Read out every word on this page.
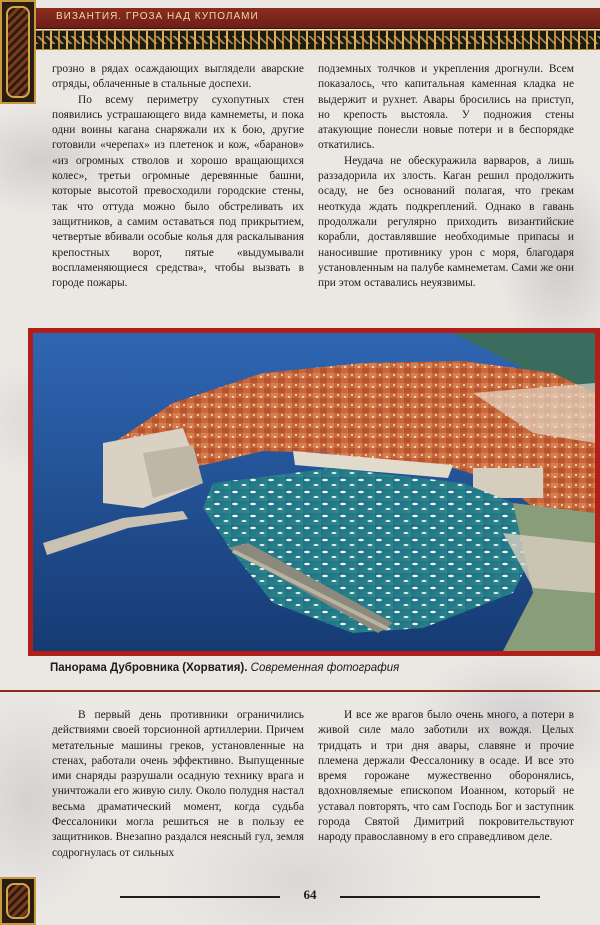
ВИЗАНТИЯ. ГРОЗА НАД КУПОЛАМИ

грозно в рядах осаждающих выглядели аварские отряды, облаченные в стальные доспехи.

По всему периметру сухопутных стен появились устрашающего вида камнеметы, и пока одни воины кагана снаряжали их к бою, другие готовили «черепах» из плетенок и кож, «баранов» «из огромных стволов и хорошо вращающихся колес», третьи огромные деревянные башни, которые высотой превосходили городские стены, так что оттуда можно было обстреливать их защитников, а самим оставаться под прикрытием, четвертые вбивали особые колья для раскалывания крепостных ворот, пятые «выдумывали воспламеняющиеся средства», чтобы вызвать в городе пожары.

подземных толчков и укрепления дрогнули. Всем показалось, что капитальная каменная кладка не выдержит и рухнет. Авары бросились на приступ, но крепость выстояла. У подножия стены атакующие понесли новые потери и в беспорядке откатились.

Неудача не обескуражила варваров, а лишь раззадорила их злость. Каган решил продолжить осаду, не без оснований полагая, что грекам неоткуда ждать подкреплений. Однако в гавань продолжали регулярно приходить византийские корабли, доставлявшие необходимые припасы и наносившие противнику урон с моря, благодаря установленным на палубе камнеметам. Сами же они при этом оставались неуязвимы.

Панорама Дубровника (Хорватия). Современная фотография

В первый день противники ограничились действиями своей торсионной артиллерии. Причем метательные машины греков, установленные на стенах, работали очень эффективно. Выпущенные ими снаряды разрушали осадную технику врага и уничтожали его живую силу. Около полудня настал весьма драматический момент, когда судьба Фессалоники могла решиться не в пользу ее защитников. Внезапно раздался неясный гул, земля содрогнулась от сильных

И все же врагов было очень много, а потери в живой силе мало заботили их вождя. Целых тридцать и три дня авары, славяне и прочие племена держали Фессалонику в осаде. И все это время горожане мужественно оборонялись, вдохновляемые епископом Иоанном, который не уставал повторять, что сам Господь Бог и заступник города Святой Димитрий покровительствуют народу православному в его справедливом деле.

64
